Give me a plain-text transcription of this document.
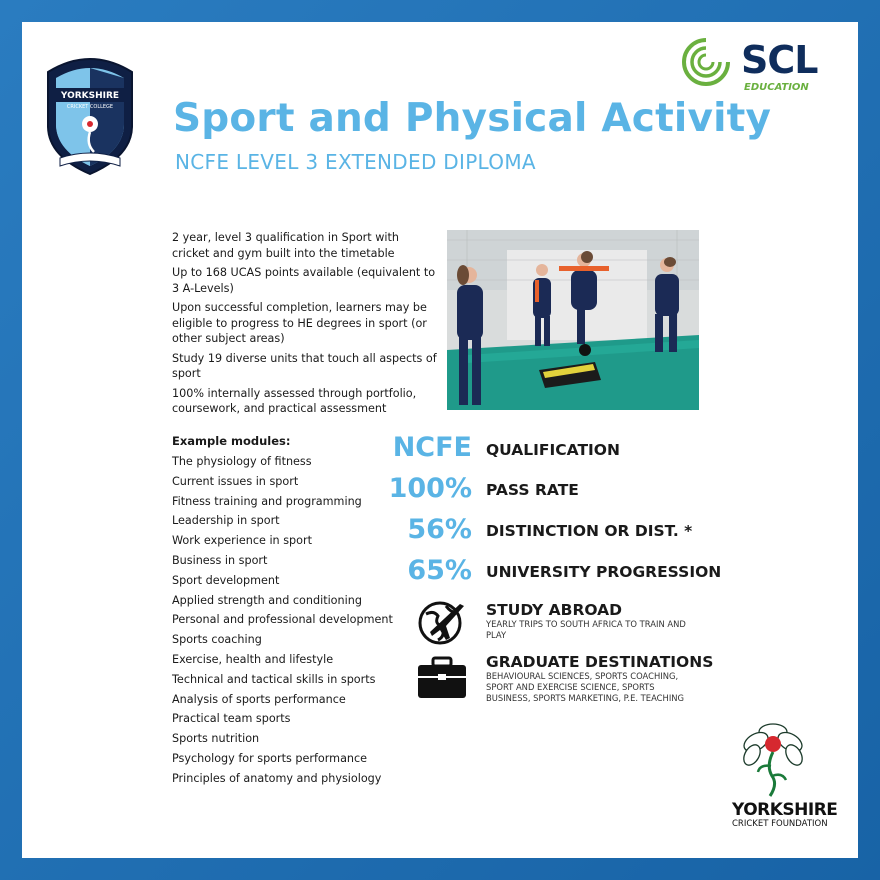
YORKSHIRE
CRICKET COLLEGE
SCL
EDUCATION
Sport and Physical Activity
NCFE LEVEL 3 EXTENDED DIPLOMA
2 year, level 3 qualification in Sport with cricket and gym built into the timetable
Up to 168 UCAS points available (equivalent to 3 A-Levels)
Upon successful completion, learners may be eligible to progress to HE degrees in sport (or other subject areas)
Study 19 diverse units that touch all aspects of sport
100% internally assessed through portfolio, coursework, and practical assessment
Example modules:
The physiology of fitness
Current issues in sport
Fitness training and programming
Leadership in sport
Work experience in sport
Business in sport
Sport development
Applied strength and conditioning
Personal and professional development
Sports coaching
Exercise, health and lifestyle
Technical and tactical skills in sports
Analysis of sports performance
Practical team sports
Sports nutrition
Psychology for sports performance
Principles of anatomy and physiology
NCFE QUALIFICATION
100% PASS RATE
56% DISTINCTION OR DIST. *
65% UNIVERSITY PROGRESSION
STUDY ABROAD
YEARLY TRIPS TO SOUTH AFRICA TO TRAIN AND PLAY
GRADUATE DESTINATIONS
BEHAVIOURAL SCIENCES, SPORTS COACHING, SPORT AND EXERCISE SCIENCE, SPORTS BUSINESS, SPORTS MARKETING, P.E. TEACHING
YORKSHIRE
CRICKET FOUNDATION
